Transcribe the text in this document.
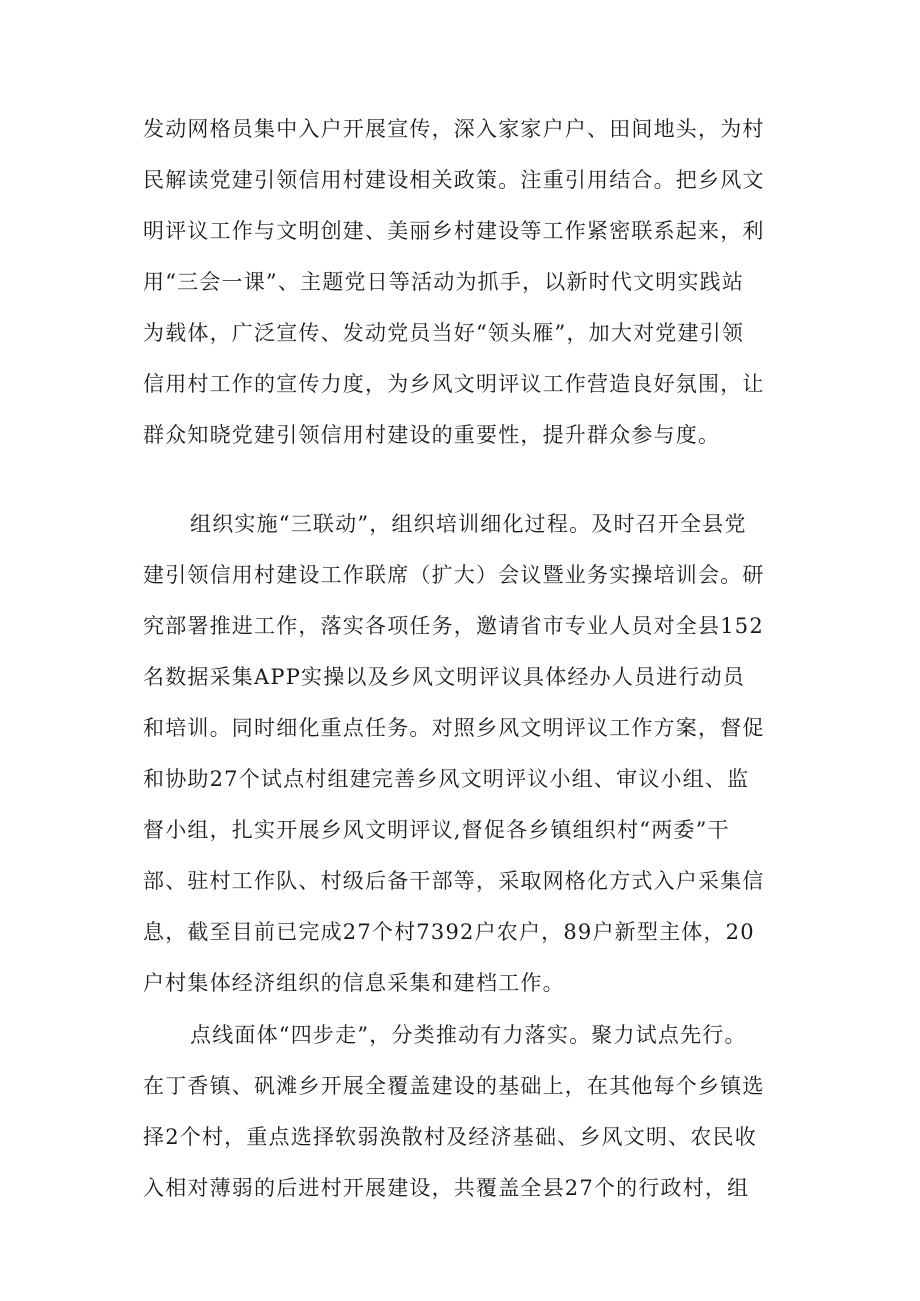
发动网格员集中入户开展宣传，深入家家户户、田间地头，为村
民解读党建引领信用村建设相关政策。注重引用结合。把乡风文
明评议工作与文明创建、美丽乡村建设等工作紧密联系起来，利
用“三会一课”、主题党日等活动为抓手，以新时代文明实践站
为载体，广泛宣传、发动党员当好“领头雁”，加大对党建引领
信用村工作的宣传力度，为乡风文明评议工作营造良好氛围，让
群众知晓党建引领信用村建设的重要性，提升群众参与度。
组织实施“三联动”，组织培训细化过程。及时召开全县党
建引领信用村建设工作联席（扩大）会议暨业务实操培训会。研
究部署推进工作，落实各项任务，邀请省市专业人员对全县152
名数据采集APP实操以及乡风文明评议具体经办人员进行动员
和培训。同时细化重点任务。对照乡风文明评议工作方案，督促
和协助27个试点村组建完善乡风文明评议小组、审议小组、监
督小组，扎实开展乡风文明评议,督促各乡镇组织村“两委”干
部、驻村工作队、村级后备干部等，采取网格化方式入户采集信
息，截至目前已完成27个村7392户农户，89户新型主体，20
户村集体经济组织的信息采集和建档工作。
点线面体“四步走”，分类推动有力落实。聚力试点先行。
在丁香镇、矾滩乡开展全覆盖建设的基础上，在其他每个乡镇选
择2个村，重点选择软弱涣散村及经济基础、乡风文明、农民收
入相对薄弱的后进村开展建设，共覆盖全县27个的行政村，组
